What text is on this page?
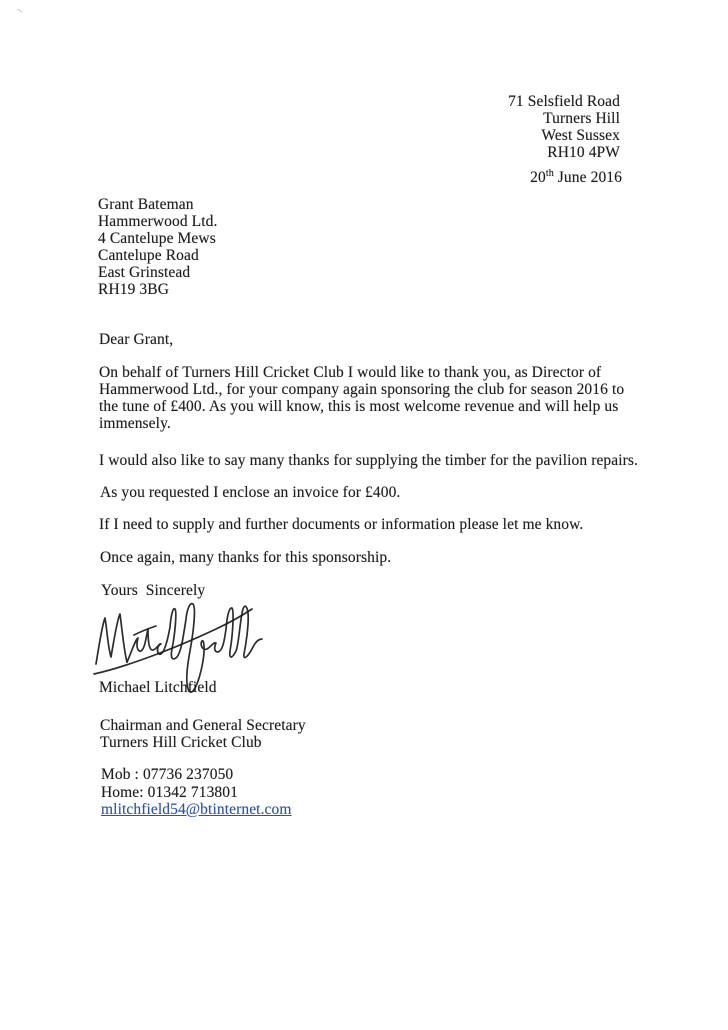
71 Selsfield Road
Turners Hill
West Sussex
RH10 4PW
20th June 2016
Grant Bateman
Hammerwood Ltd.
4 Cantelupe Mews
Cantelupe Road
East Grinstead
RH19 3BG
Dear Grant,
On behalf of Turners Hill Cricket Club I would like to thank you, as Director of
Hammerwood Ltd., for your company again sponsoring the club for season 2016 to
the tune of £400. As you will know, this is most welcome revenue and will help us
immensely.
I would also like to say many thanks for supplying the timber for the pavilion repairs.
As you requested I enclose an invoice for £400.
If I need to supply and further documents or information please let me know.
Once again, many thanks for this sponsorship.
Yours  Sincerely
Michael Litchfield
Chairman and General Secretary
Turners Hill Cricket Club
Mob : 07736 237050
Home: 01342 713801
mlitchfield54@btinternet.com
